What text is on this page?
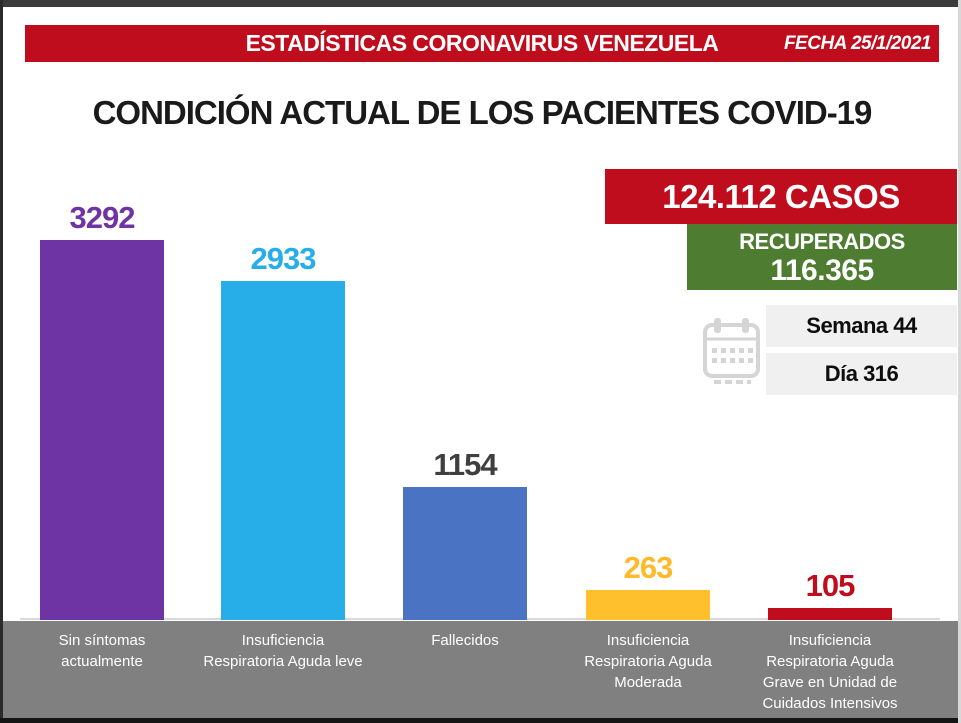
ESTADÍSTICAS CORONAVIRUS VENEZUELA	FECHA 25/1/2021
CONDICIÓN ACTUAL DE LOS PACIENTES COVID-19
3292
2933
1154
263
105
Sin síntomas
actualmente
Insuficiencia
Respiratoria Aguda leve
Fallecidos	Insuficiencia
Respiratoria Aguda
Moderada
Insuficiencia
Respiratoria Aguda
Grave en Unidad de
Cuidados Intensivos
124.112 CASOS
RECUPERADOS
116.365
Semana 44
Día 316
